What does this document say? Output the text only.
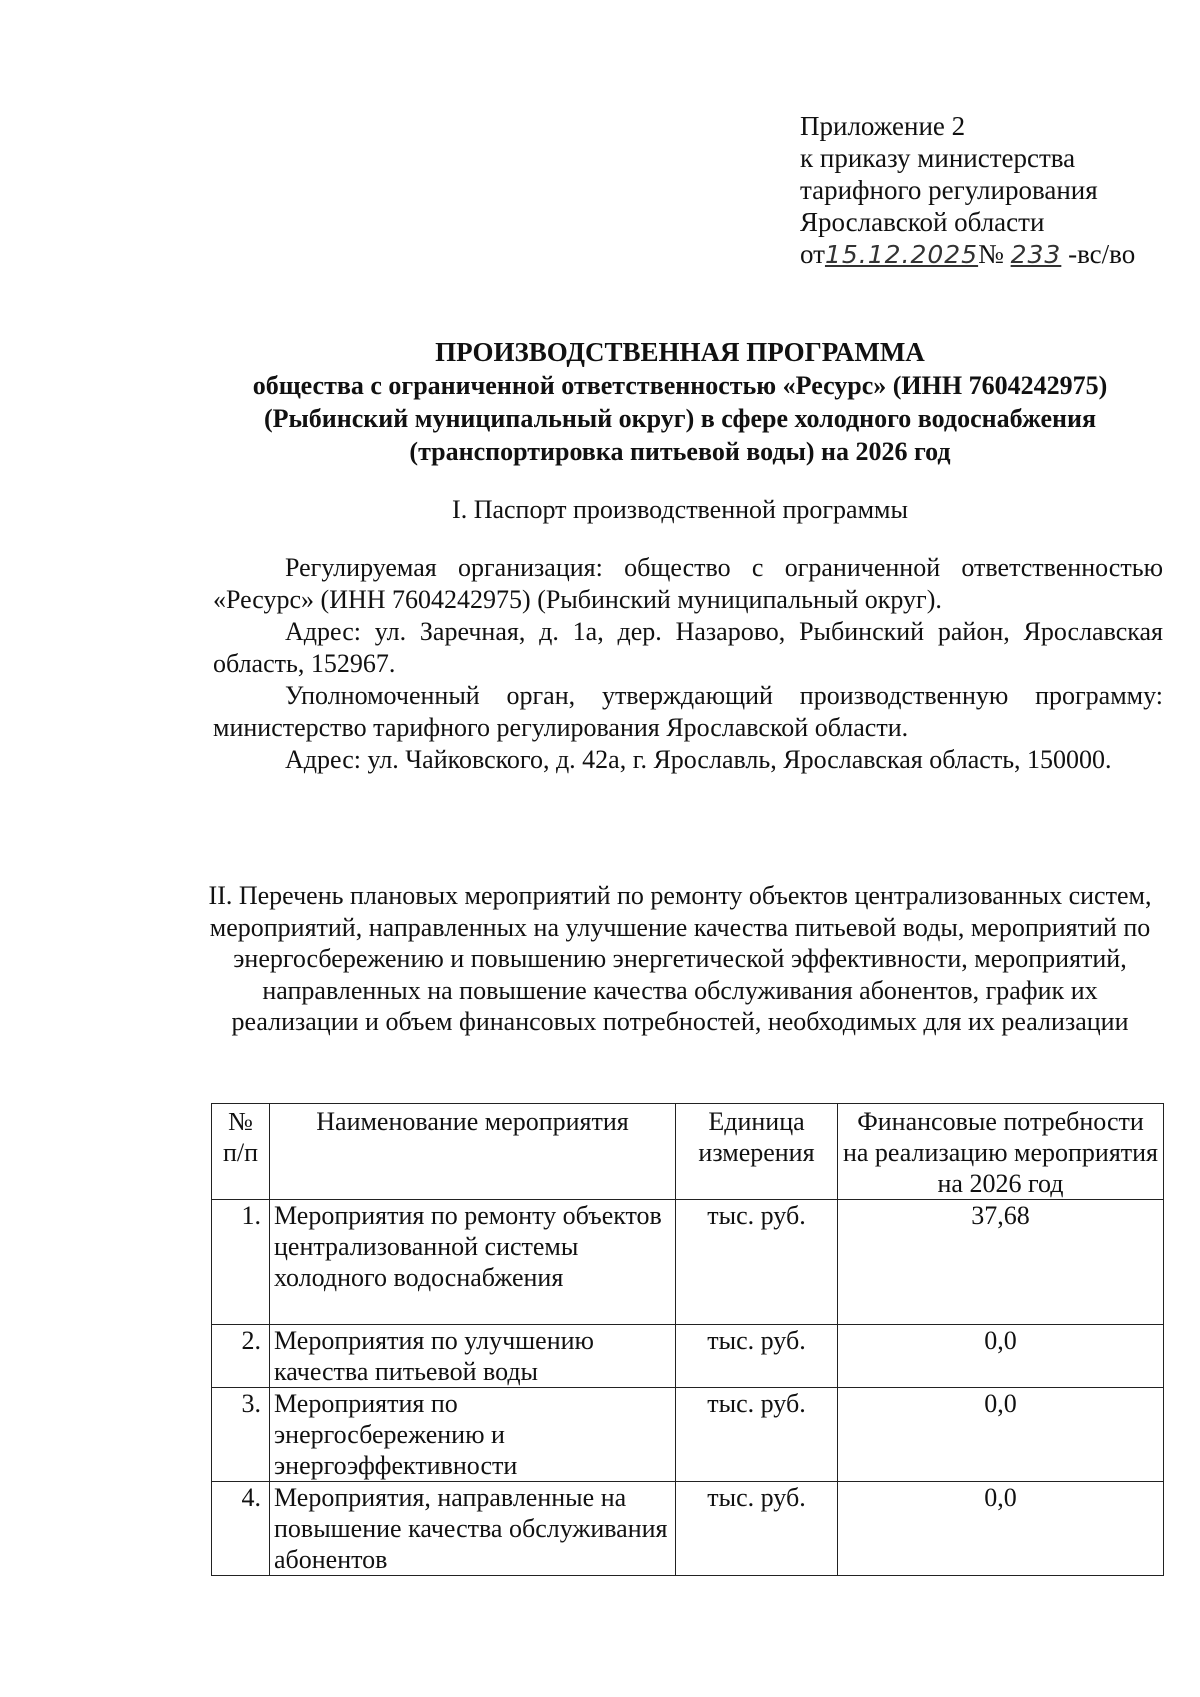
Приложение 2
к приказу министерства
тарифного регулирования
Ярославской области
от15.12.2025№ 233 -вс/во
ПРОИЗВОДСТВЕННАЯ ПРОГРАММА
общества с ограниченной ответственностью «Ресурс» (ИНН 7604242975)
(Рыбинский муниципальный округ) в сфере холодного водоснабжения
(транспортировка питьевой воды) на 2026 год
I. Паспорт производственной программы

Регулируемая организация: общество с ограниченной ответственностью «Ресурс» (ИНН 7604242975) (Рыбинский муниципальный округ).

Адрес: ул. Заречная, д. 1а, дер. Назарово, Рыбинский район, Ярославская область, 152967.

Уполномоченный орган, утверждающий производственную программу: министерство тарифного регулирования Ярославской области.

Адрес: ул. Чайковского, д. 42а, г. Ярославль, Ярославская область, 150000.

II. Перечень плановых мероприятий по ремонту объектов централизованных систем, мероприятий, направленных на улучшение качества питьевой воды, мероприятий по энергосбережению и повышению энергетической эффективности, мероприятий, направленных на повышение качества обслуживания абонентов, график их реализации и объем финансовых потребностей, необходимых для их реализации
№ п/п	Наименование мероприятия	Единица измерения	Финансовые потребности на реализацию мероприятия на 2026 год
1.	Мероприятия по ремонту объектов централизованной системы холодного водоснабжения	тыс. руб.	37,68
2.	Мероприятия по улучшению качества питьевой воды	тыс. руб.	0,0
3.	Мероприятия по энергосбережению и энергоэффективности	тыс. руб.	0,0
4.	Мероприятия, направленные на повышение качества обслуживания абонентов	тыс. руб.	0,0
